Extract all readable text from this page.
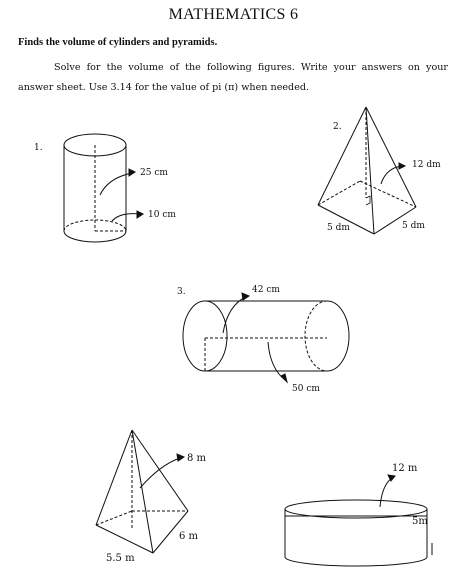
MATHEMATICS 6
Finds the volume of cylinders and pyramids.
Solve for the volume of the following figures. Write your answers on your answer sheet. Use 3.14 for the value of pi (π) when needed.
1.
25 cm
10 cm
2.
12 dm
5 dm	5 dm
3.	42 cm
50 cm
8 m
6 m
5.5 m
12 m
5m
